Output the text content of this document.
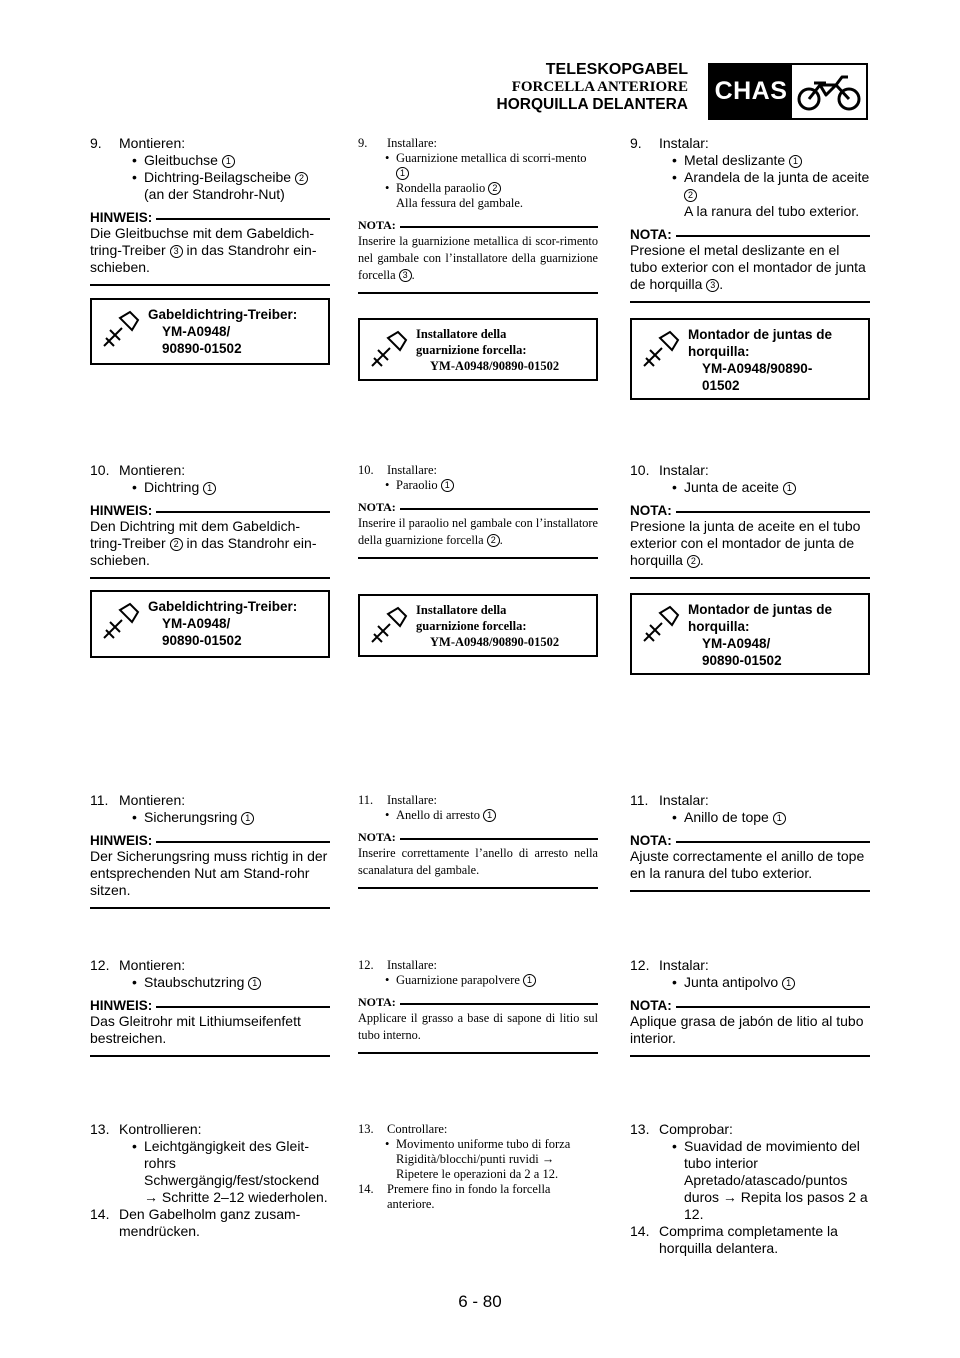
TELESKOPGABEL
FORCELLA ANTERIORE
HORQUILLA DELANTERA CHAS
9. Montieren:
• Gleitbuchse 1
• Dichtring-Beilagscheibe 2
(an der Standrohr-Nut)
HINWEIS:
Die Gleitbuchse mit dem Gabeldich-tring-Treiber 3 in das Standrohr ein-schieben.
Gabeldichtring-Treiber:
YM-A0948/
90890-01502
10. Montieren:
• Dichtring 1
HINWEIS:
Den Dichtring mit dem Gabeldich-tring-Treiber 2 in das Standrohr ein-schieben.
Gabeldichtring-Treiber:
YM-A0948/
90890-01502
11. Montieren:
• Sicherungsring 1
HINWEIS:
Der Sicherungsring muss richtig in der entsprechenden Nut am Stand-rohr sitzen.
12. Montieren:
• Staubschutzring 1
HINWEIS:
Das Gleitrohr mit Lithiumseifenfett bestreichen.
13. Kontrollieren:
• Leichtgängigkeit des Gleit-rohrs
Schwergängig/fest/stockend
→ Schritte 2–12 wiederholen.
14. Den Gabelholm ganz zusam-mendrücken.
9. Installare:
• Guarnizione metallica di scorri-mento 1
• Rondella paraolio 2
Alla fessura del gambale.
NOTA:
Inserire la guarnizione metallica di scor-rimento nel gambale con l’installatore della guarnizione forcella 3 .
Installatore della
guarnizione forcella:
YM-A0948/90890-01502
10. Installare:
• Paraolio 1
NOTA:
Inserire il paraolio nel gambale con l’installatore della guarnizione forcella 2 .
Installatore della
guarnizione forcella:
YM-A0948/90890-01502
11. Installare:
• Anello di arresto 1
NOTA:
Inserire correttamente l’anello di arresto nella scanalatura del gambale.
12. Installare:
• Guarnizione parapolvere 1
NOTA:
Applicare il grasso a base di sapone di litio sul tubo interno.
13. Controllare:
• Movimento uniforme tubo di forza
Rigidità/blocchi/punti ruvidi →
Ripetere le operazioni da 2 a 12.
14. Premere fino in fondo la forcella anteriore.
9. Instalar:
• Metal deslizante 1
• Arandela de la junta de aceite 2
A la ranura del tubo exterior.
NOTA:
Presione el metal deslizante en el tubo exterior con el montador de junta de horquilla 3 .
Montador de juntas de
horquilla:
YM-A0948/90890-
01502
10. Instalar:
• Junta de aceite 1
NOTA:
Presione la junta de aceite en el tubo exterior con el montador de junta de horquilla 2 .
Montador de juntas de
horquilla:
YM-A0948/
90890-01502
11. Instalar:
• Anillo de tope 1
NOTA:
Ajuste correctamente el anillo de tope en la ranura del tubo exterior.
12. Instalar:
• Junta antipolvo 1
NOTA:
Aplique grasa de jabón de litio al tubo interior.
13. Comprobar:
• Suavidad de movimiento del tubo interior
Apretado/atascado/puntos duros → Repita los pasos 2 a 12.
14. Comprima completamente la horquilla delantera.
6 - 80
